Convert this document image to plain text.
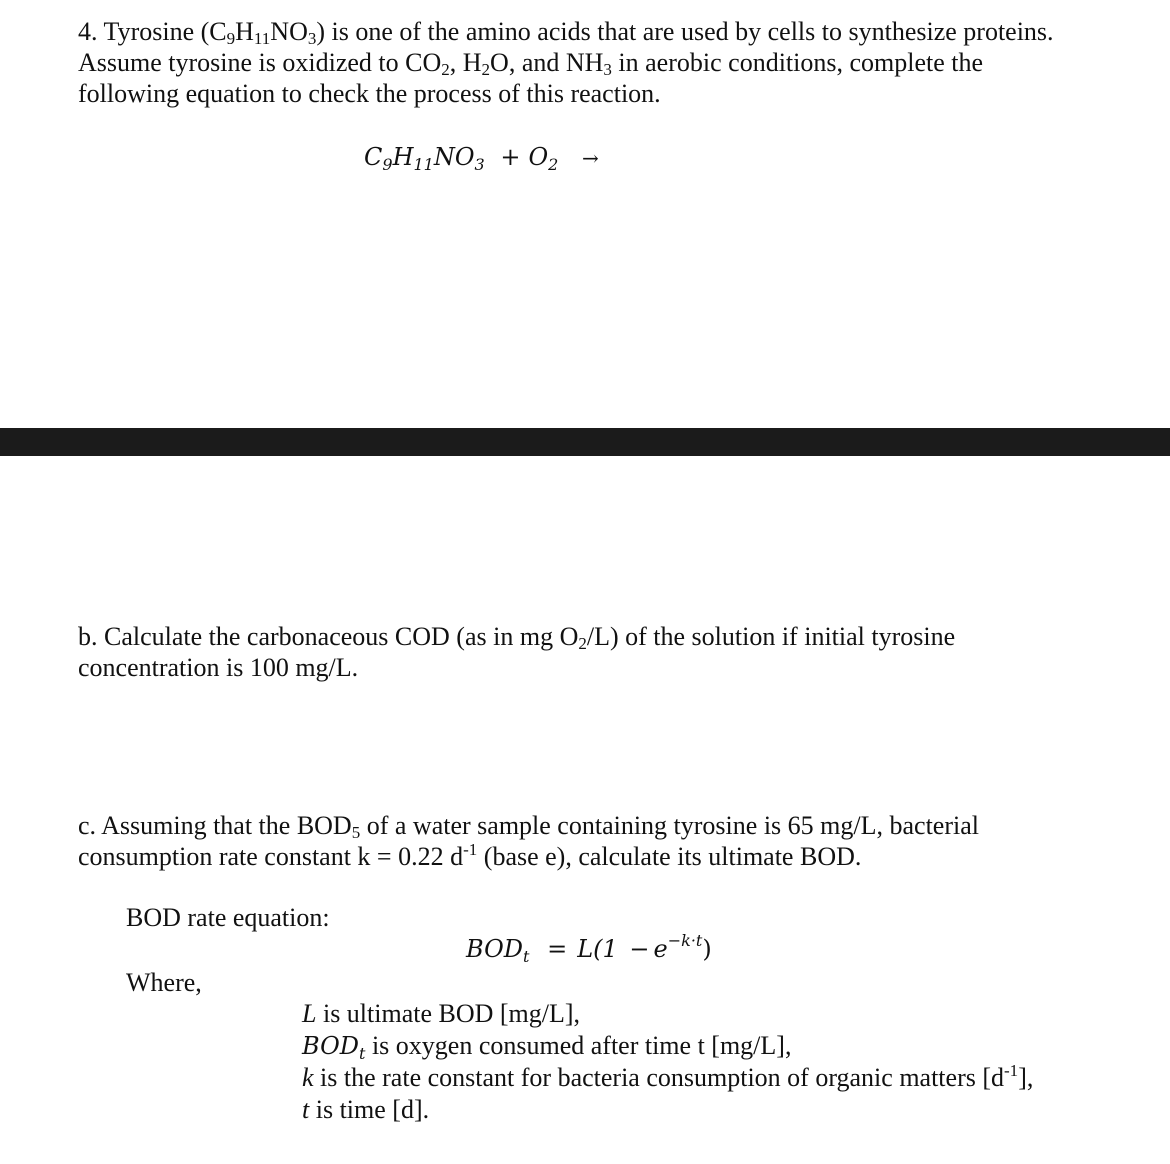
4. Tyrosine $(C_9H_{11}NO_3)$ is one of the amino acids that are used by cells to synthesize proteins.
Assume tyrosine is oxidized to $CO_2$, $H_2O$, and $NH_3$ in aerobic conditions, complete the
following equation to check the process of this reaction.
$C_9H_{11}NO_3 + O_2$ →
b. Calculate the carbonaceous COD (as in mg $O_2/L$) of the solution if initial tyrosine
concentration is 100 mg/L.
c. Assuming that the $BOD_5$ of a water sample containing tyrosine is 65 mg/L, bacterial
consumption rate constant k = 0.22 $d^{-1}$ (base e), calculate its ultimate BOD.
BOD rate equation:
$BOD_t = L(1 - e^{-k\cdot t})$
Where,
L is ultimate BOD [mg/L],
$BOD_t$ is oxygen consumed after time t [mg/L],
k is the rate constant for bacteria consumption of organic matters $[d^{-1}]$,
t is time [d].
